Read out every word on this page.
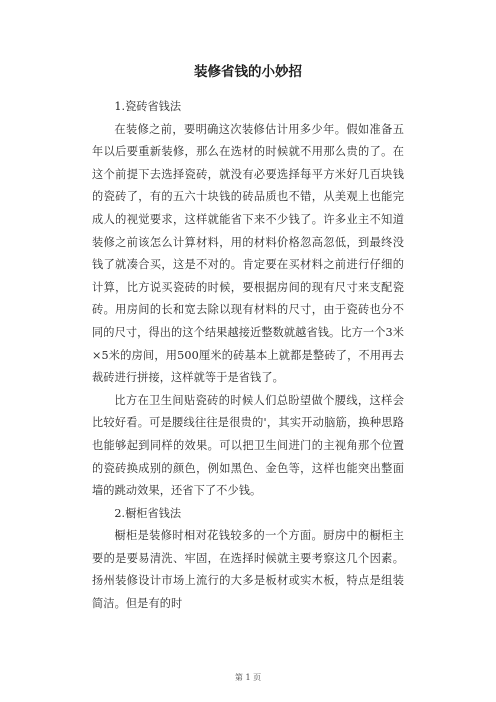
装修省钱的小妙招

1.瓷砖省钱法

在装修之前，要明确这次装修估计用多少年。假如准备五年以后要重新装修，那么在选材的时候就不用那么贵的了。在这个前提下去选择瓷砖，就没有必要选择每平方米好几百块钱的瓷砖了，有的五六十块钱的砖品质也不错，从美观上也能完成人的视觉要求，这样就能省下来不少钱了。许多业主不知道装修之前该怎么计算材料，用的材料价格忽高忽低，到最终没钱了就凑合买，这是不对的。肯定要在买材料之前进行仔细的计算，比方说买瓷砖的时候，要根据房间的现有尺寸来支配瓷砖。用房间的长和宽去除以现有材料的尺寸，由于瓷砖也分不同的尺寸，得出的这个结果越接近整数就越省钱。比方一个3米×5米的房间，用500厘米的砖基本上就都是整砖了，不用再去裁砖进行拼接，这样就等于是省钱了。

比方在卫生间贴瓷砖的时候人们总盼望做个腰线，这样会比较好看。可是腰线往往是很贵的'，其实开动脑筋，换种思路也能够起到同样的效果。可以把卫生间进门的主视角那个位置的瓷砖换成别的颜色，例如黑色、金色等，这样也能突出整面墙的跳动效果，还省下了不少钱。

2.橱柜省钱法

橱柜是装修时相对花钱较多的一个方面。厨房中的橱柜主要的是要易清洗、牢固，在选择时候就主要考察这几个因素。扬州装修设计市场上流行的大多是板材或实木板，特点是组装简洁。但是有的时

第 1 页
